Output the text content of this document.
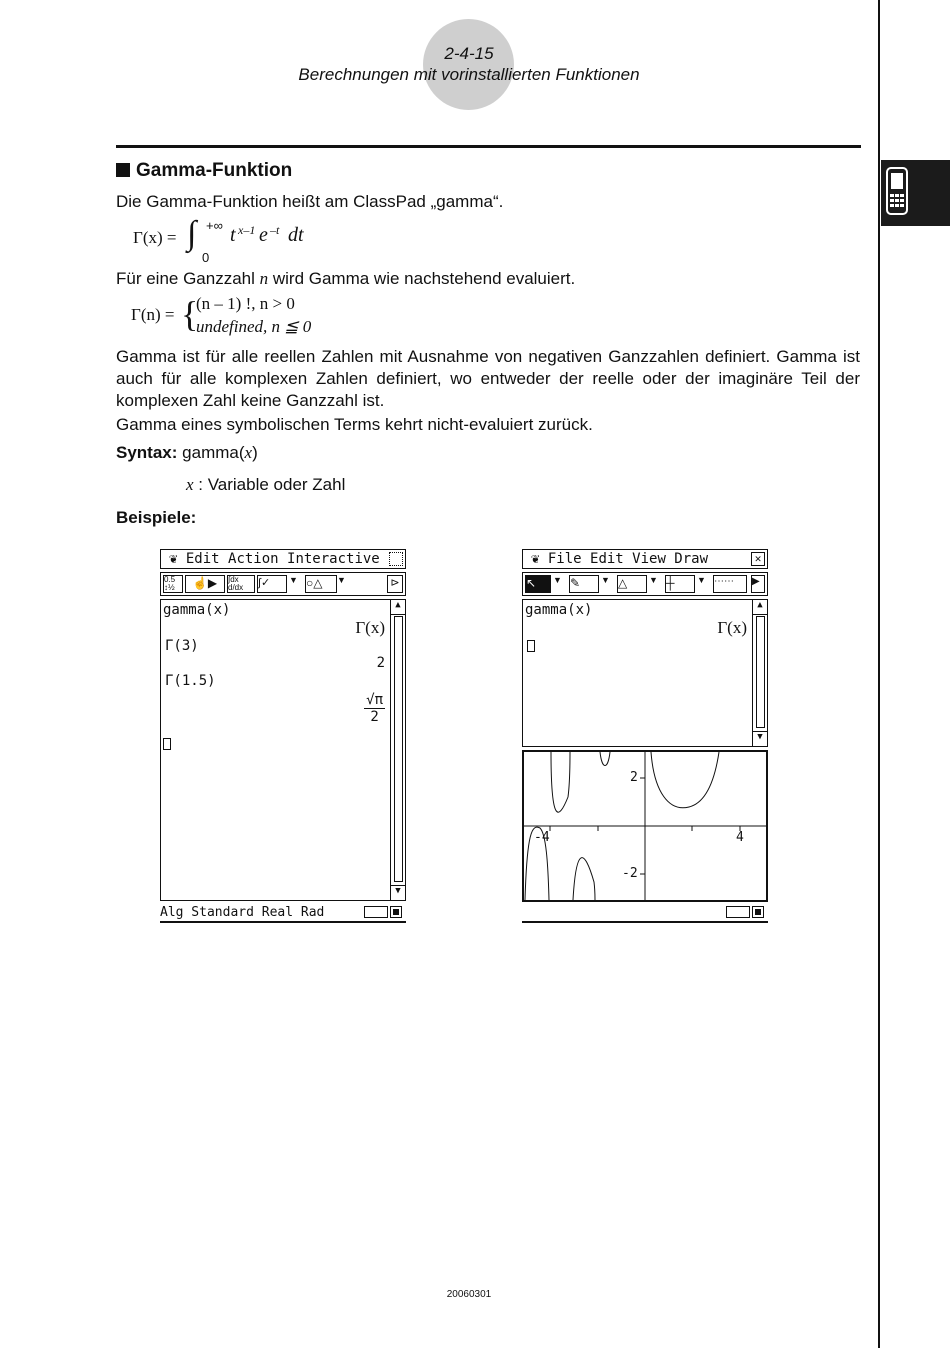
2-4-15
Berechnungen mit vorinstallierten Funktionen
Gamma-Funktion
Die Gamma-Funktion heißt am ClassPad „gamma“.
Γ(x) = ∫ +∞
0
t x–1 e –t dt
Für eine Ganzzahl n wird Gamma wie nachstehend evaluiert.
Γ(n) = {
(n – 1) !, n > 0
undefined, n ≦ 0
Gamma ist für alle reellen Zahlen mit Ausnahme von negativen Ganzzahlen definiert. Gamma ist auch für alle komplexen Zahlen definiert, wo entweder der reelle oder der imaginäre Teil der komplexen Zahl keine Ganzzahl ist.
Gamma eines symbolischen Terms kehrt nicht-evaluiert zurück.
Syntax: gamma(x)
x : Variable oder Zahl
Beispiele:
❦ Edit Action Interactive
0.5
↕½	☝▶	∫dx
d/dx	∫✓	▼ ○△	▼	⊳
▲
▼
gamma(x)
Γ(x)
Γ(3)
2
Γ(1.5)
√π
2
Alg Standard Real Rad
❦ File Edit View Draw	✕
↖	▼ ✎	▼ △	▼ ┼	▼ ⋯⋯	▶
▲
▼
gamma(x)
Γ(x)
2
-2
-4	4
20060301
